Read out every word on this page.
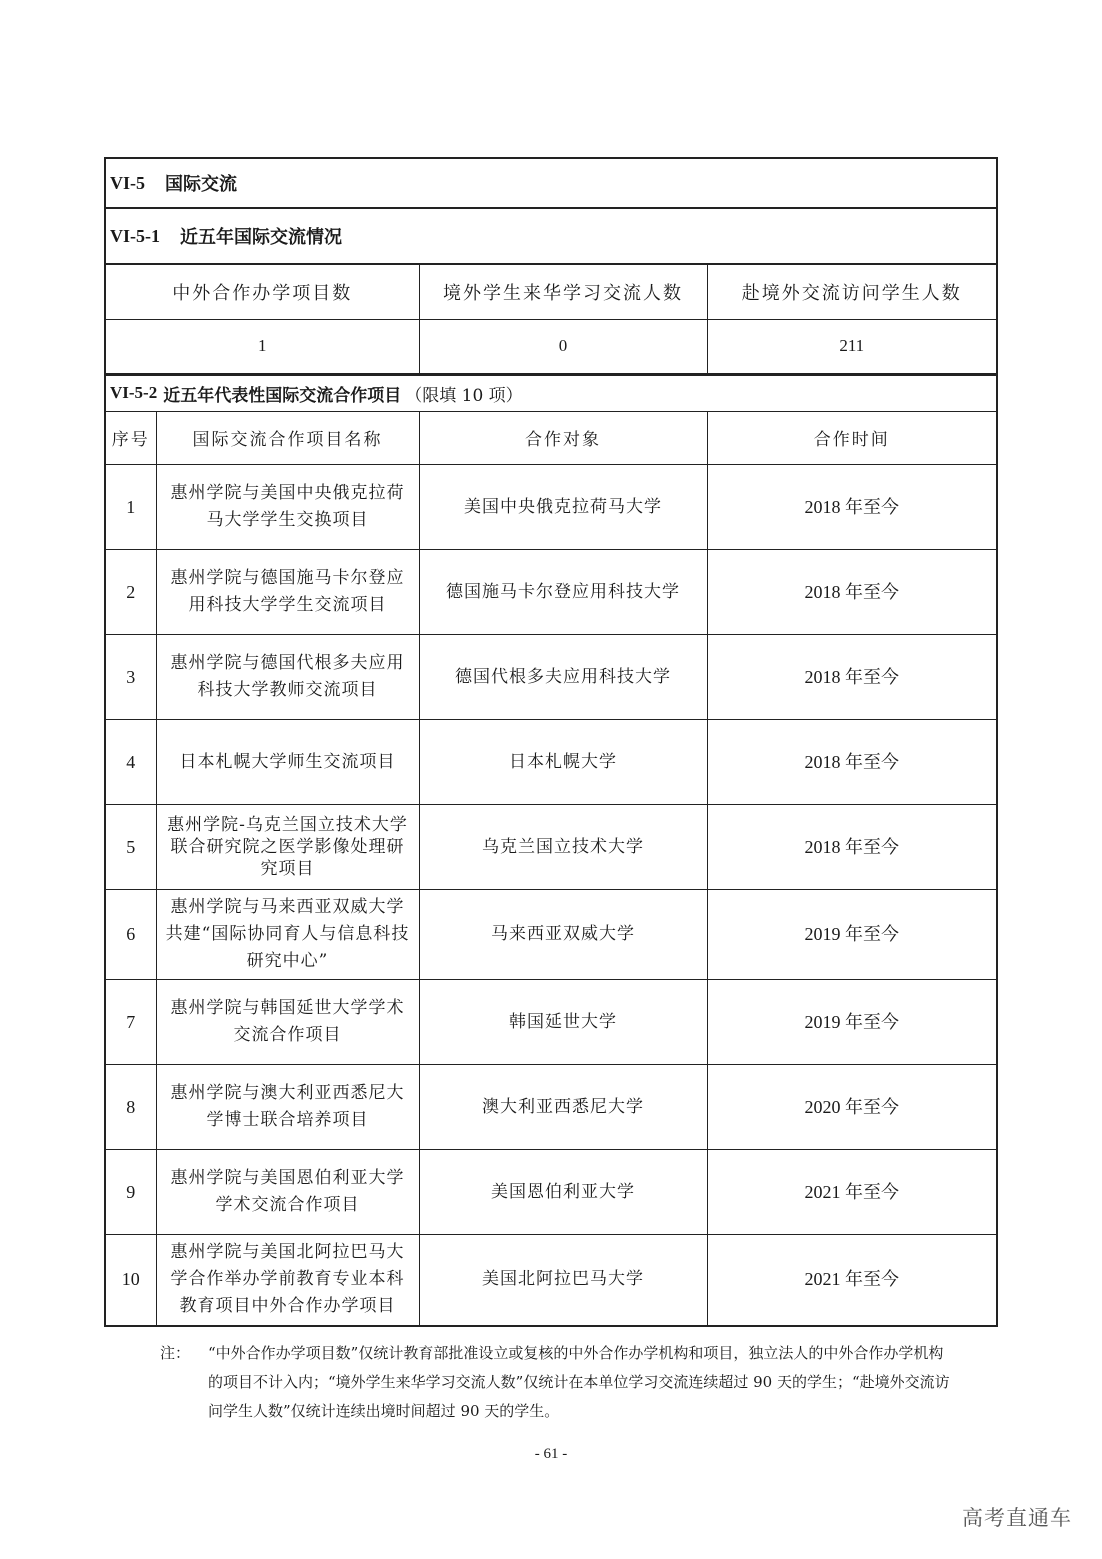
VI-5 国际交流
VI-5-1 近五年国际交流情况
中外合作办学项目数	境外学生来华学习交流人数	赴境外交流访问学生人数
1	0	211
VI-5-2 近五年代表性国际交流合作项目 （限填 10 项）
序号	国际交流合作项目名称	合作对象	合作时间
1	惠州学院与美国中央俄克拉荷马大学学生交换项目	美国中央俄克拉荷马大学	2018 年至今
2	惠州学院与德国施马卡尔登应用科技大学学生交流项目	德国施马卡尔登应用科技大学	2018 年至今
3	惠州学院与德国代根多夫应用科技大学教师交流项目	德国代根多夫应用科技大学	2018 年至今
4	日本札幌大学师生交流项目	日本札幌大学	2018 年至今
5	惠州学院-乌克兰国立技术大学联合研究院之医学影像处理研究项目	乌克兰国立技术大学	2018 年至今
6	惠州学院与马来西亚双威大学共建“国际协同育人与信息科技研究中心”	马来西亚双威大学	2019 年至今
7	惠州学院与韩国延世大学学术交流合作项目	韩国延世大学	2019 年至今
8	惠州学院与澳大利亚西悉尼大学博士联合培养项目	澳大利亚西悉尼大学	2020 年至今
9	惠州学院与美国恩伯利亚大学学术交流合作项目	美国恩伯利亚大学	2021 年至今
10	惠州学院与美国北阿拉巴马大学合作举办学前教育专业本科教育项目中外合作办学项目	美国北阿拉巴马大学	2021 年至今
注： “中外合作办学项目数”仅统计教育部批准设立或复核的中外合作办学机构和项目，独立法人的中外合作办学机构的项目不计入内；“境外学生来华学习交流人数”仅统计在本单位学习交流连续超过 90 天的学生；“赴境外交流访问学生人数”仅统计连续出境时间超过 90 天的学生。
- 61 -
高考直通车
